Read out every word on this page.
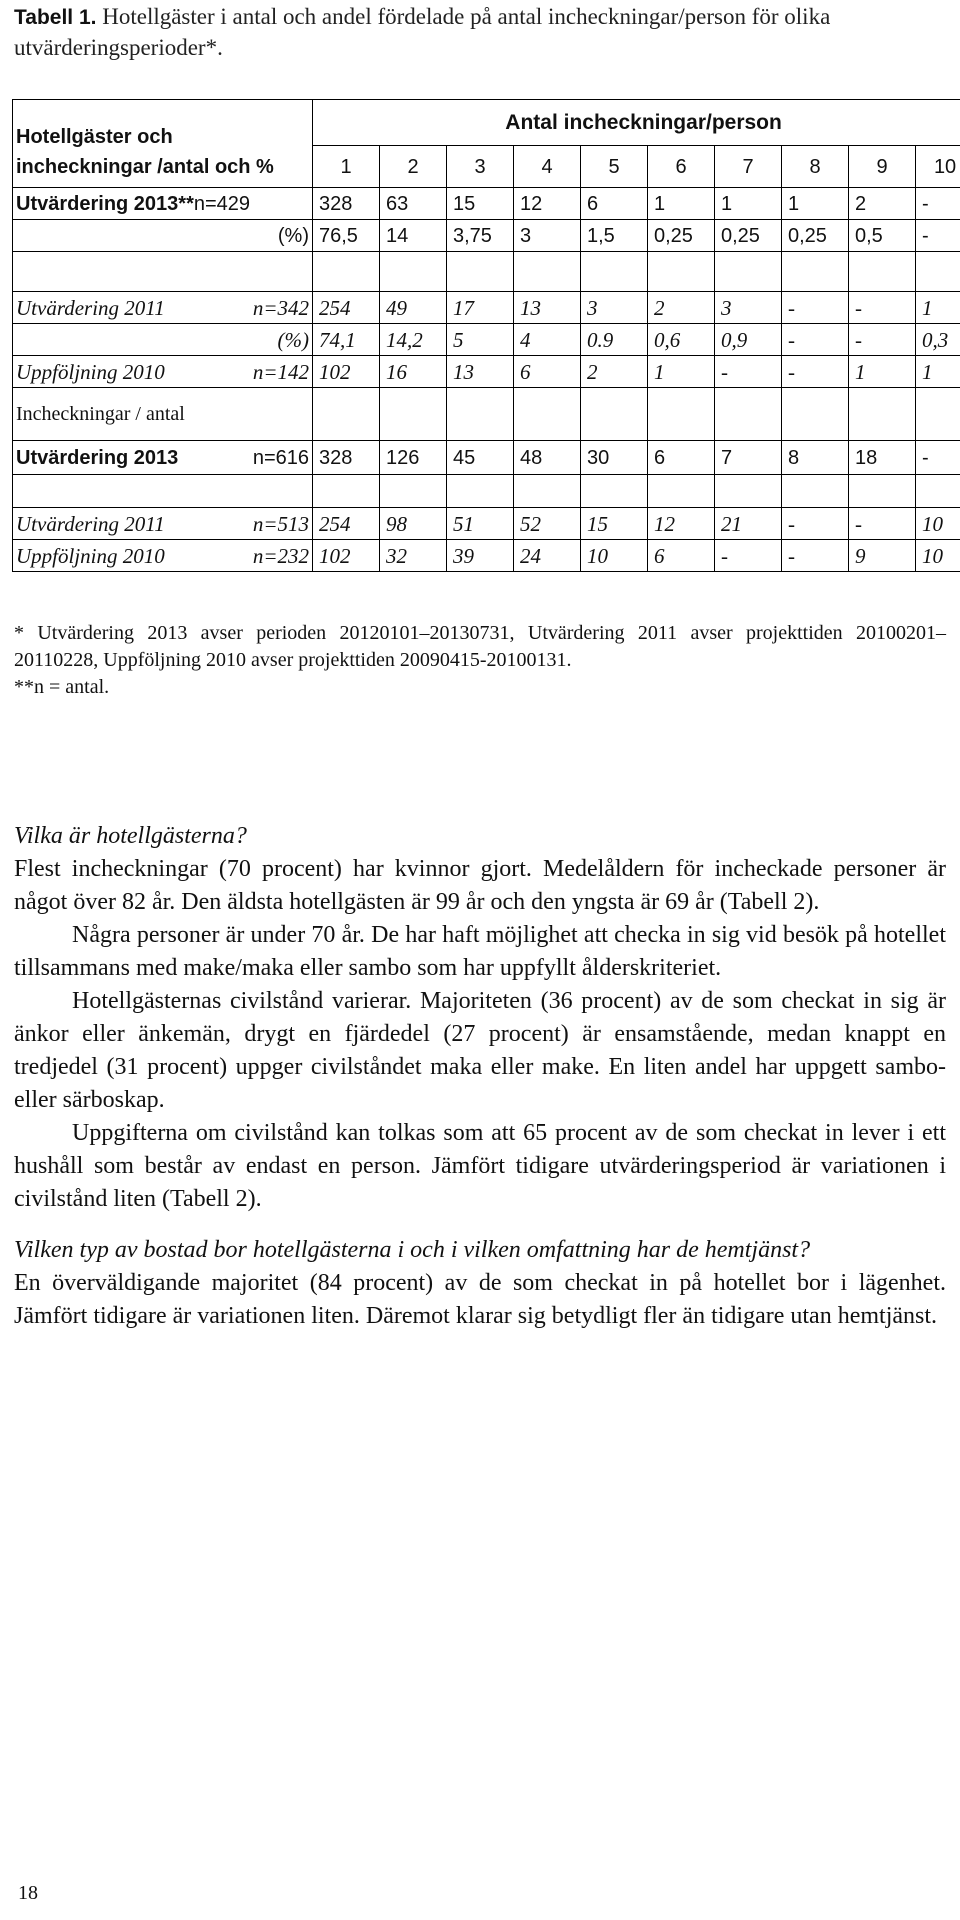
Tabell 1. Hotellgäster i antal och andel fördelade på antal incheckningar/person för olika utvärderingsperioder*.
Hotellgäster och incheckningar /antal och %	Antal incheckningar/person									
	1	2	3	4	5	6	7	8	9	10

Utvärdering 2013** n=429	328	63	15	12	6	1	1	1	2	-

(%)	76,5	14	3,75	3	1,5	0,25	0,25	0,25	0,5	-

Utvärdering 2011 n=342	254	49	17	13	3	2	3	-	-	1

(%)	74,1	14,2	5	4	0.9	0,6	0,9	-	-	0,3

Uppföljning 2010 n=142	102	16	13	6	2	1	-	-	1	1

Incheckningar / antal										

Utvärdering 2013 n=616	328	126	45	48	30	6	7	8	18	-

Utvärdering 2011 n=513	254	98	51	52	15	12	21	-	-	10

Uppföljning 2010 n=232	102	32	39	24	10	6	-	-	9	10

* Utvärdering 2013 avser perioden 20120101–20130731, Utvärdering 2011 avser projekttiden 20100201–20110228, Uppföljning 2010 avser projekttiden 20090415-20100131.

**n = antal.

Vilka är hotellgästerna?

Flest incheckningar (70 procent) har kvinnor gjort. Medelåldern för incheckade personer är något över 82 år. Den äldsta hotellgästen är 99 år och den yngsta är 69 år (Tabell 2).

Några personer är under 70 år. De har haft möjlighet att checka in sig vid besök på hotellet tillsammans med make/maka eller sambo som har uppfyllt ålderskriteriet.

Hotellgästernas civilstånd varierar. Majoriteten (36 procent) av de som checkat in sig är änkor eller änkemän, drygt en fjärdedel (27 procent) är ensamstående, medan knappt en tredjedel (31 procent) uppger civilståndet maka eller make. En liten andel har uppgett sambo- eller särboskap.

Uppgifterna om civilstånd kan tolkas som att 65 procent av de som checkat in lever i ett hushåll som består av endast en person. Jämfört tidigare utvärderingsperiod är variationen i civilstånd liten (Tabell 2).

Vilken typ av bostad bor hotellgästerna i och i vilken omfattning har de hemtjänst?

En överväldigande majoritet (84 procent) av de som checkat in på hotellet bor i lägenhet. Jämfört tidigare är variationen liten. Däremot klarar sig betydligt fler än tidigare utan hemtjänst.

18
